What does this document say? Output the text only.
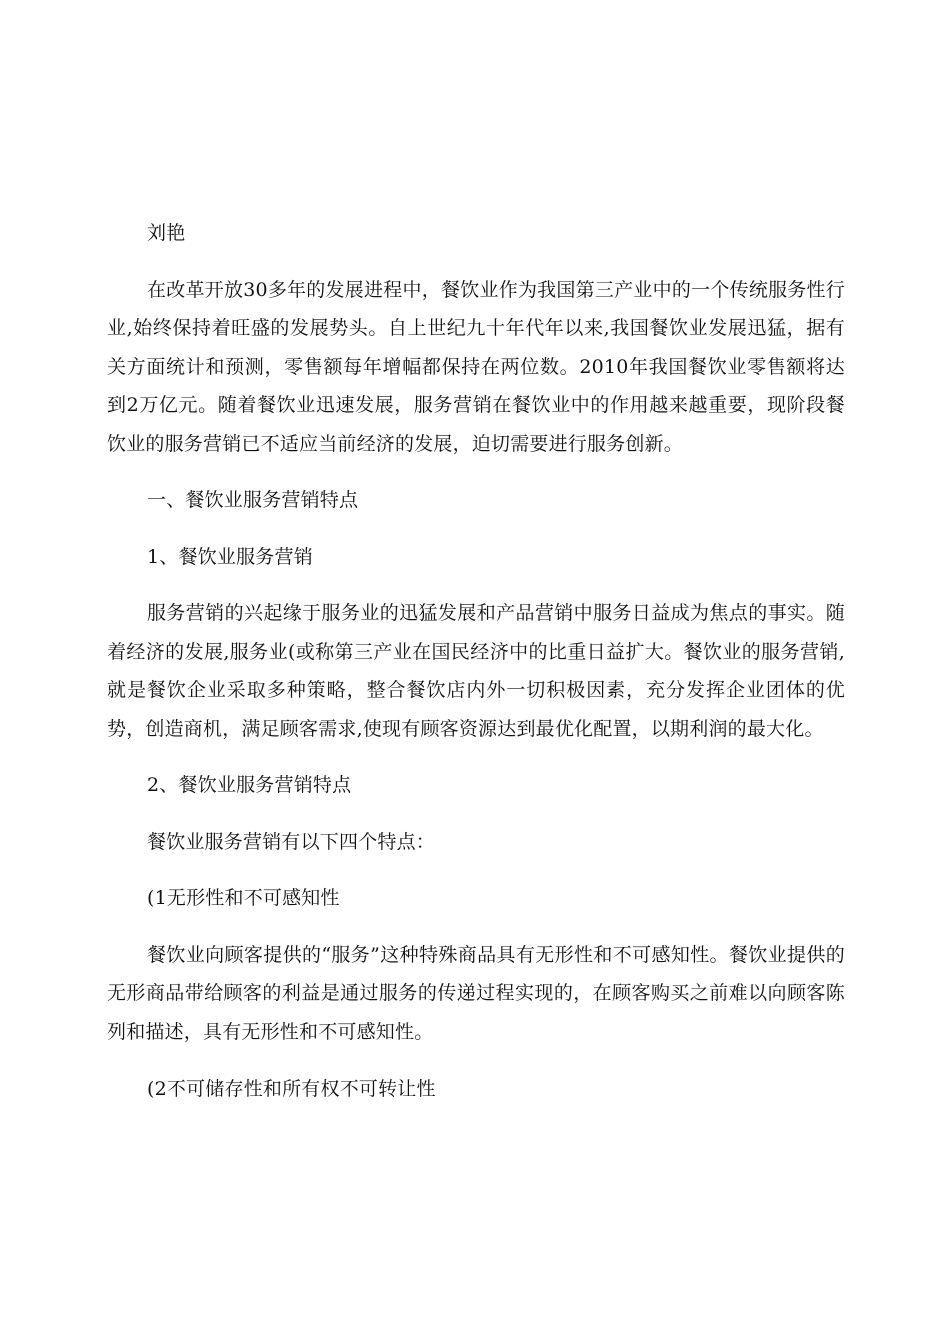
刘艳

在改革开放30多年的发展进程中，餐饮业作为我国第三产业中的一个传统服务性行业,始终保持着旺盛的发展势头。自上世纪九十年代年以来,我国餐饮业发展迅猛，据有关方面统计和预测，零售额每年增幅都保持在两位数。2010年我国餐饮业零售额将达到2万亿元。随着餐饮业迅速发展，服务营销在餐饮业中的作用越来越重要，现阶段餐饮业的服务营销已不适应当前经济的发展，迫切需要进行服务创新。

一、餐饮业服务营销特点

1、餐饮业服务营销

服务营销的兴起缘于服务业的迅猛发展和产品营销中服务日益成为焦点的事实。随着经济的发展,服务业(或称第三产业在国民经济中的比重日益扩大。餐饮业的服务营销,就是餐饮企业采取多种策略，整合餐饮店内外一切积极因素，充分发挥企业团体的优势，创造商机，满足顾客需求,使现有顾客资源达到最优化配置，以期利润的最大化。

2、餐饮业服务营销特点

餐饮业服务营销有以下四个特点：

(1无形性和不可感知性

餐饮业向顾客提供的“服务”这种特殊商品具有无形性和不可感知性。餐饮业提供的无形商品带给顾客的利益是通过服务的传递过程实现的，在顾客购买之前难以向顾客陈列和描述，具有无形性和不可感知性。

(2不可储存性和所有权不可转让性
